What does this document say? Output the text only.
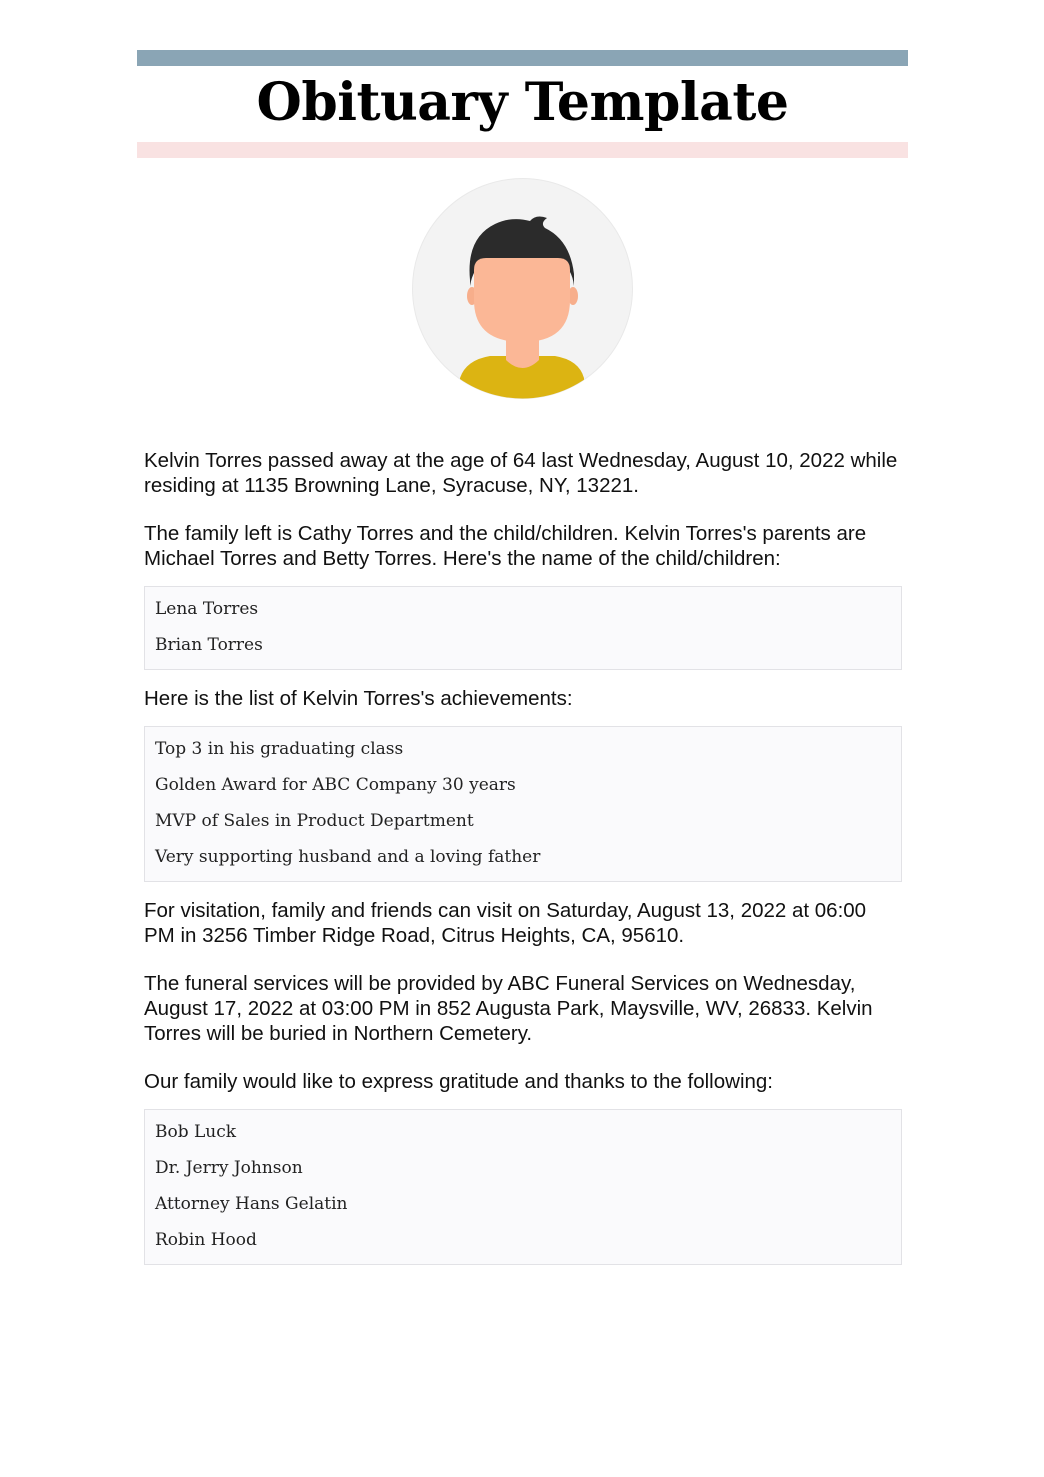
Obituary Template

Kelvin Torres passed away at the age of 64 last Wednesday, August 10, 2022 while residing at 1135 Browning Lane, Syracuse, NY, 13221.

The family left is Cathy Torres and the child/children. Kelvin Torres's parents are Michael Torres and Betty Torres. Here's the name of the child/children:

Lena Torres
Brian Torres

Here is the list of Kelvin Torres's achievements:

Top 3 in his graduating class
Golden Award for ABC Company 30 years
MVP of Sales in Product Department
Very supporting husband and a loving father

For visitation, family and friends can visit on Saturday, August 13, 2022 at 06:00 PM in 3256 Timber Ridge Road, Citrus Heights, CA, 95610.

The funeral services will be provided by ABC Funeral Services on Wednesday, August 17, 2022 at 03:00 PM in 852 Augusta Park, Maysville, WV, 26833. Kelvin Torres will be buried in Northern Cemetery.

Our family would like to express gratitude and thanks to the following:

Bob Luck
Dr. Jerry Johnson
Attorney Hans Gelatin
Robin Hood
